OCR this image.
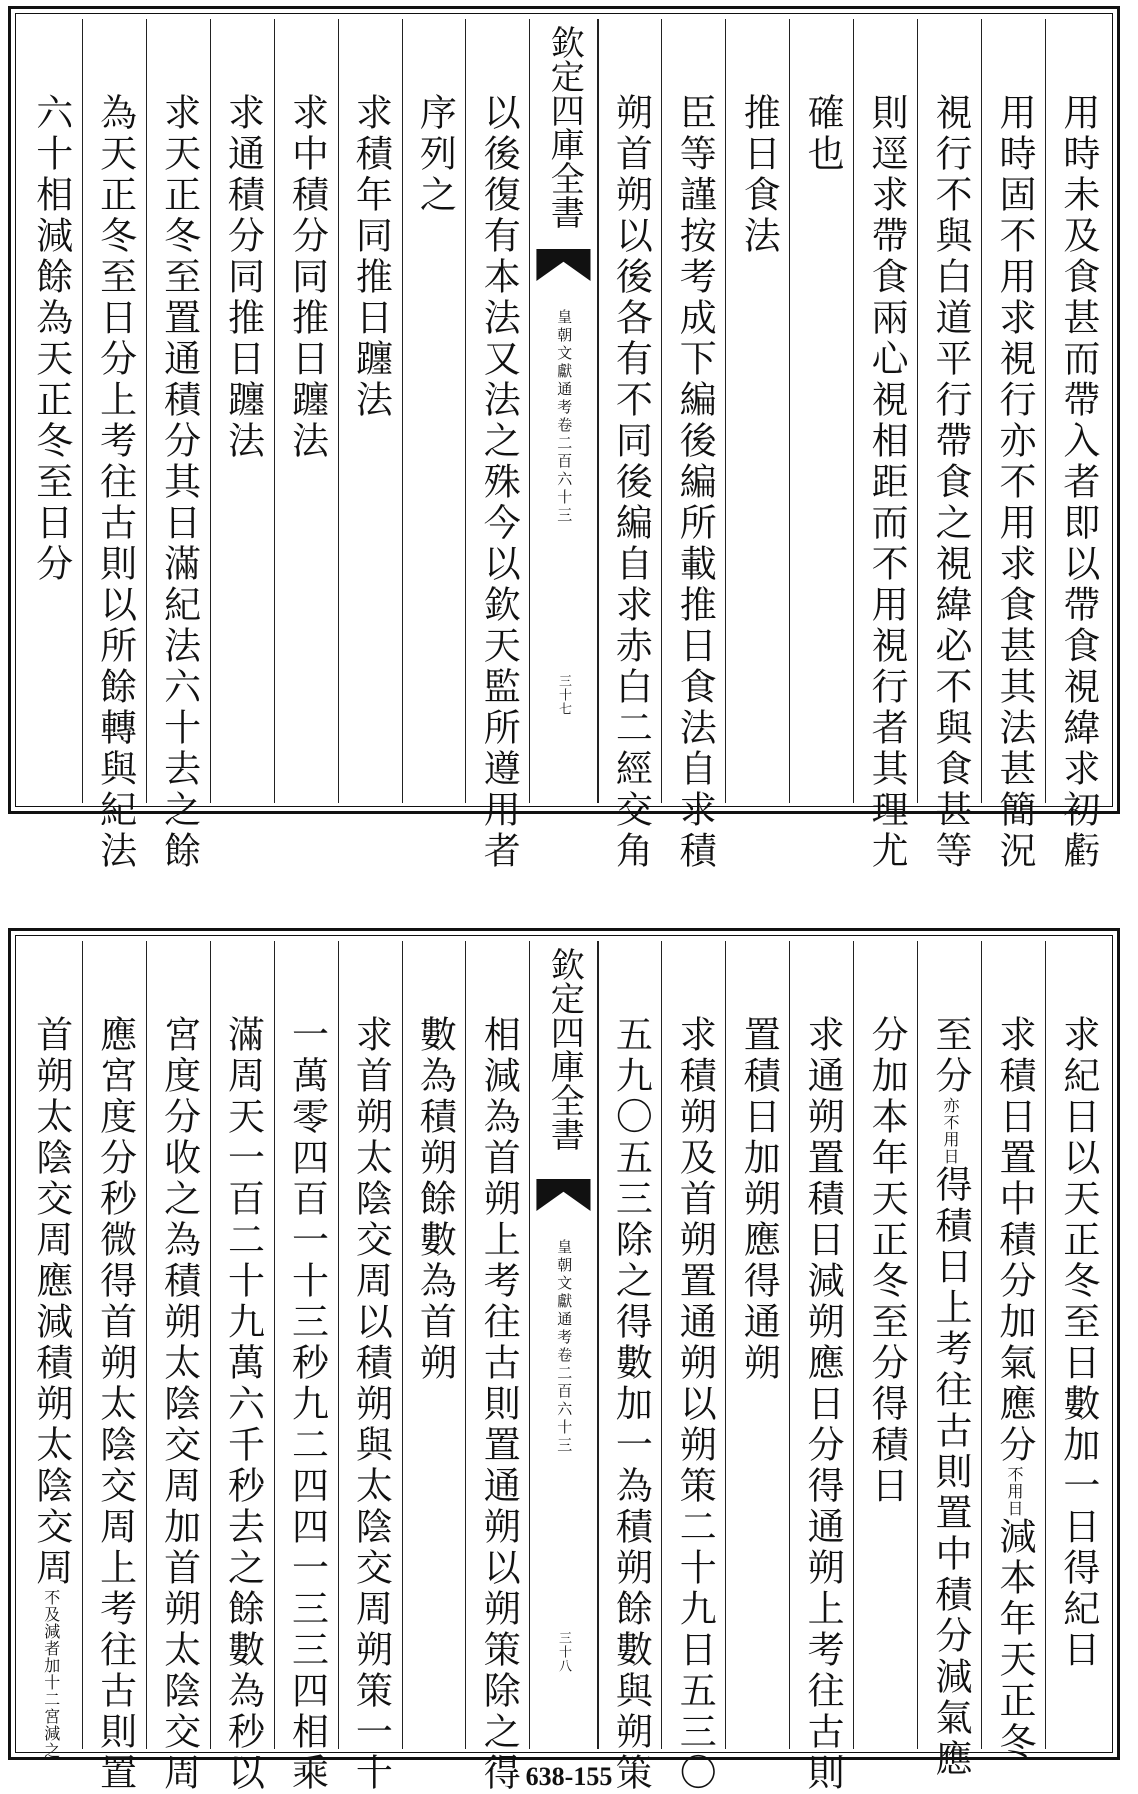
用時未及食甚而帶入者即以帶食視緯求初虧
用時固不用求視行亦不用求食甚其法甚簡況
視行不與白道平行帶食之視緯必不與食甚等
則逕求帶食兩心視相距而不用視行者其理尤
確也
推日食法
臣等謹按考成下編後編所載推日食法自求積
朔首朔以後各有不同後編自求赤白二經交角
欽定四庫全書
皇朝文獻通考卷二百六十三
三十七
以後復有本法又法之殊今以欽天監所遵用者
序列之
求積年同推日躔法
求中積分同推日躔法
求通積分同推日躔法
求天正冬至置通積分其日滿紀法六十去之餘
為天正冬至日分上考往古則以所餘轉與紀法
六十相減餘為天正冬至日分
求紀日以天正冬至日數加一日得紀日
求積日置中積分加氣應分不用日減本年天正冬
至分亦不用日得積日上考往古則置中積分減氣應
分加本年天正冬至分得積日
求通朔置積日減朔應日分得通朔上考往古則
置積日加朔應得通朔
求積朔及首朔置通朔以朔策二十九日五三〇
五九〇五三除之得數加一為積朔餘數與朔策
欽定四庫全書
皇朝文獻通考卷二百六十三
三十八
相減為首朔上考往古則置通朔以朔策除之得
數為積朔餘數為首朔
求首朔太陰交周以積朔與太陰交周朔策一十
一萬零四百一十三秒九二四四一三三四相乘
滿周天一百二十九萬六千秒去之餘數為秒以
宮度分收之為積朔太陰交周加首朔太陰交周
應宮度分秒微得首朔太陰交周上考往古則置
首朔太陰交周應減積朔太陰交周不及減者加十二宮減之
638-155
